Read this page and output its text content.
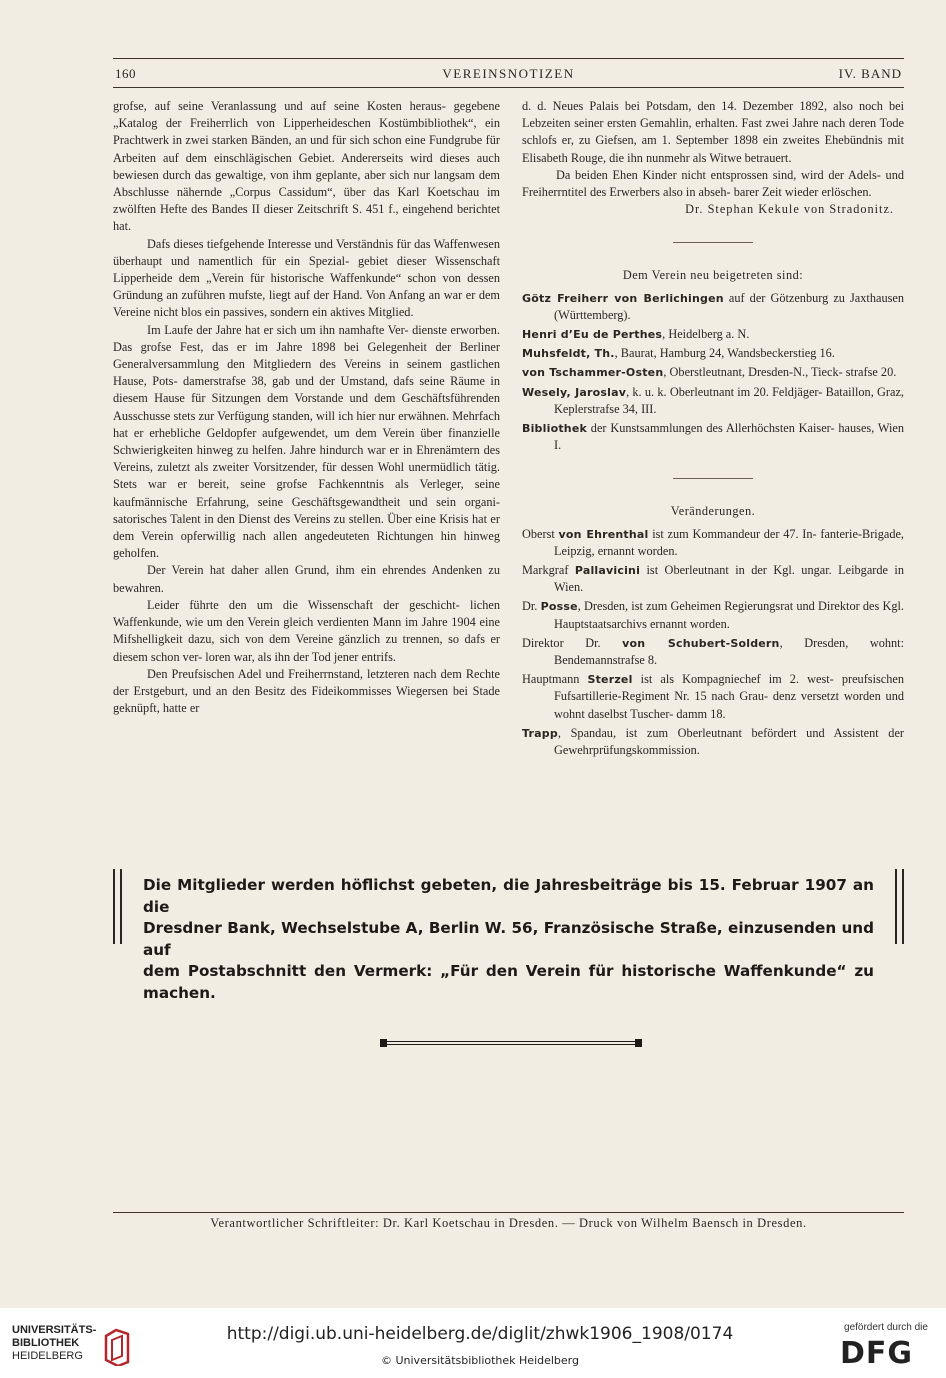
160	VEREINSNOTIZEN	IV. BAND

grofse, auf seine Veranlassung und auf seine Kosten heraus- gegebene „Katalog der Freiherrlich von Lipperheideschen Kostümbibliothek“, ein Prachtwerk in zwei starken Bänden, an und für sich schon eine Fundgrube für Arbeiten auf dem einschlägischen Gebiet. Andererseits wird dieses auch bewiesen durch das gewaltige, von ihm geplante, aber sich nur langsam dem Abschlusse nähernde „Corpus Cassidum“, über das Karl Koetschau im zwölften Hefte des Bandes II dieser Zeitschrift S. 451 f., eingehend berichtet hat.

Dafs dieses tiefgehende Interesse und Verständnis für das Waffenwesen überhaupt und namentlich für ein Spezial- gebiet dieser Wissenschaft Lipperheide dem „Verein für historische Waffenkunde“ schon von dessen Gründung an zuführen mufste, liegt auf der Hand. Von Anfang an war er dem Vereine nicht blos ein passives, sondern ein aktives Mitglied.

Im Laufe der Jahre hat er sich um ihn namhafte Ver- dienste erworben. Das grofse Fest, das er im Jahre 1898 bei Gelegenheit der Berliner Generalversammlung den Mitgliedern des Vereins in seinem gastlichen Hause, Pots- damerstrafse 38, gab und der Umstand, dafs seine Räume in diesem Hause für Sitzungen dem Vorstande und dem Geschäftsführenden Ausschusse stets zur Verfügung standen, will ich hier nur erwähnen. Mehrfach hat er erhebliche Geldopfer aufgewendet, um dem Verein über finanzielle Schwierigkeiten hinweg zu helfen. Jahre hindurch war er in Ehrenämtern des Vereins, zuletzt als zweiter Vorsitzender, für dessen Wohl unermüdlich tätig. Stets war er bereit, seine grofse Fachkenntnis als Verleger, seine kaufmännische Erfahrung, seine Geschäftsgewandtheit und sein organi- satorisches Talent in den Dienst des Vereins zu stellen. Über eine Krisis hat er dem Verein opferwillig nach allen angedeuteten Richtungen hin hinweg geholfen.

Der Verein hat daher allen Grund, ihm ein ehrendes Andenken zu bewahren.

Leider führte den um die Wissenschaft der geschicht- lichen Waffenkunde, wie um den Verein gleich verdienten Mann im Jahre 1904 eine Mifshelligkeit dazu, sich von dem Vereine gänzlich zu trennen, so dafs er diesem schon ver- loren war, als ihn der Tod jener entrifs.

Den Preufsischen Adel und Freiherrnstand, letzteren nach dem Rechte der Erstgeburt, und an den Besitz des Fideikommisses Wiegersen bei Stade geknüpft, hatte er

d. d. Neues Palais bei Potsdam, den 14. Dezember 1892, also noch bei Lebzeiten seiner ersten Gemahlin, erhalten. Fast zwei Jahre nach deren Tode schlofs er, zu Giefsen, am 1. September 1898 ein zweites Ehebündnis mit Elisabeth Rouge, die ihn nunmehr als Witwe betrauert.

Da beiden Ehen Kinder nicht entsprossen sind, wird der Adels- und Freiherrntitel des Erwerbers also in abseh- barer Zeit wieder erlöschen.

Dr. Stephan Kekule von Stradonitz.

Dem Verein neu beigetreten sind:

Götz Freiherr von Berlichingen auf der Götzenburg zu Jaxthausen (Württemberg).

Henri d’Eu de Perthes, Heidelberg a. N.

Muhsfeldt, Th., Baurat, Hamburg 24, Wandsbeckerstieg 16.

von Tschammer-Osten, Oberstleutnant, Dresden-N., Tieck- strafse 20.

Wesely, Jaroslav, k. u. k. Oberleutnant im 20. Feldjäger- Bataillon, Graz, Keplerstrafse 34, III.

Bibliothek der Kunstsammlungen des Allerhöchsten Kaiser- hauses, Wien I.

Veränderungen.

Oberst von Ehrenthal ist zum Kommandeur der 47. In- fanterie-Brigade, Leipzig, ernannt worden.

Markgraf Pallavicini ist Oberleutnant in der Kgl. ungar. Leibgarde in Wien.

Dr. Posse, Dresden, ist zum Geheimen Regierungsrat und Direktor des Kgl. Hauptstaatsarchivs ernannt worden.

Direktor Dr. von Schubert-Soldern, Dresden, wohnt: Bendemannstrafse 8.

Hauptmann Sterzel ist als Kompagniechef im 2. west- preufsischen Fufsartillerie-Regiment Nr. 15 nach Grau- denz versetzt worden und wohnt daselbst Tuscher- damm 18.

Trapp, Spandau, ist zum Oberleutnant befördert und Assistent der Gewehrprüfungskommission.

Die Mitglieder werden höflichst gebeten, die Jahresbeiträge bis 15. Februar 1907 an die
Dresdner Bank, Wechselstube A, Berlin W. 56, Französische Straße, einzusenden und auf
dem Postabschnitt den Vermerk: „Für den Verein für historische Waffenkunde“ zu machen.
Verantwortlicher Schriftleiter: Dr. Karl Koetschau in Dresden. — Druck von Wilhelm Baensch in Dresden.
UNIVERSITÄTS-
BIBLIOTHEK
HEIDELBERG
http://digi.ub.uni-heidelberg.de/diglit/zhwk1906_1908/0174
© Universitätsbibliothek Heidelberg
gefördert durch die
DFG
